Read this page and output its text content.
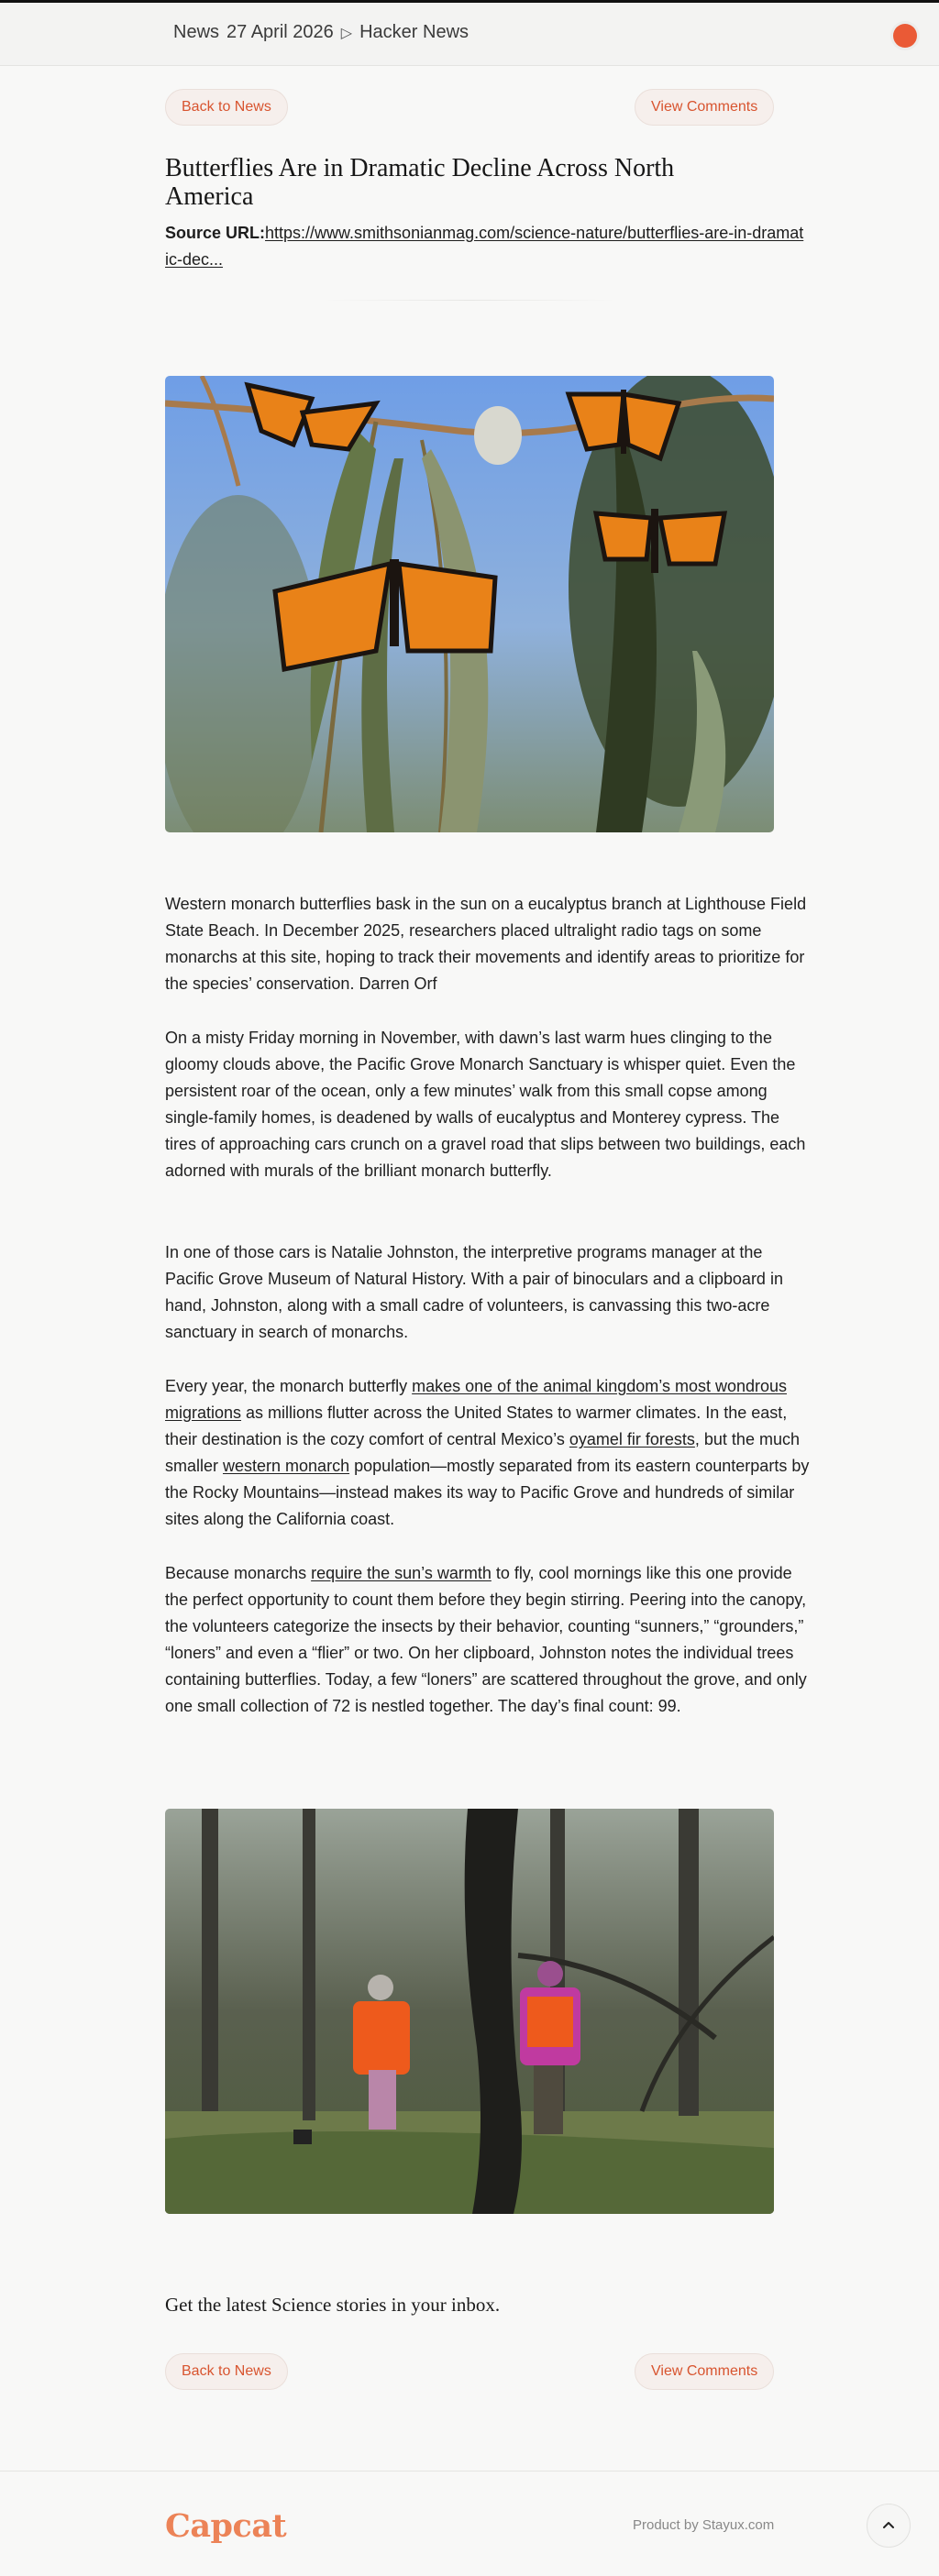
News 27 April 2026 ▷ Hacker News
Back to News	View Comments
Butterflies Are in Dramatic Decline Across North America
Source URL:https://www.smithsonianmag.com/science-nature/butterflies-are-in-dramatic-dec...

Western monarch butterflies bask in the sun on a eucalyptus branch at Lighthouse Field State Beach. In December 2025, researchers placed ultralight radio tags on some monarchs at this site, hoping to track their movements and identify areas to prioritize for the species’ conservation. Darren Orf

On a misty Friday morning in November, with dawn’s last warm hues clinging to the gloomy clouds above, the Pacific Grove Monarch Sanctuary is whisper quiet. Even the persistent roar of the ocean, only a few minutes’ walk from this small copse among single-family homes, is deadened by walls of eucalyptus and Monterey cypress. The tires of approaching cars crunch on a gravel road that slips between two buildings, each adorned with murals of the brilliant monarch butterfly.

In one of those cars is Natalie Johnston, the interpretive programs manager at the Pacific Grove Museum of Natural History. With a pair of binoculars and a clipboard in hand, Johnston, along with a small cadre of volunteers, is canvassing this two-acre sanctuary in search of monarchs.

Every year, the monarch butterfly makes one of the animal kingdom’s most wondrous migrations as millions flutter across the United States to warmer climates. In the east, their destination is the cozy comfort of central Mexico’s oyamel fir forests, but the much smaller western monarch population—mostly separated from its eastern counterparts by the Rocky Mountains—instead makes its way to Pacific Grove and hundreds of similar sites along the California coast.

Because monarchs require the sun’s warmth to fly, cool mornings like this one provide the perfect opportunity to count them before they begin stirring. Peering into the canopy, the volunteers categorize the insects by their behavior, counting “sunners,” “grounders,” “loners” and even a “flier” or two. On her clipboard, Johnston notes the individual trees containing butterflies. Today, a few “loners” are scattered throughout the grove, and only one small collection of 72 is nestled together. The day’s final count: 99.

Get the latest Science stories in your inbox.
Back to News	View Comments
Capcat	Product by Stayux.com
